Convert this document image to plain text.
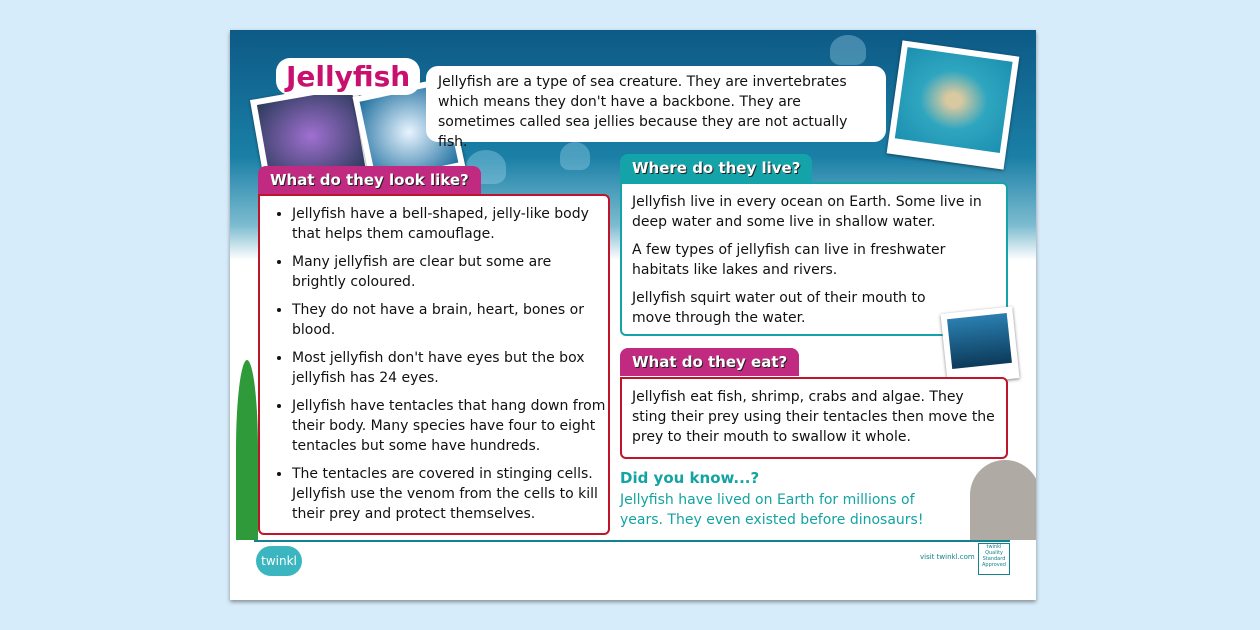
Jellyfish	Jellyfish are a type of sea creature. They are invertebrates which means they don't have a backbone. They are sometimes called sea jellies because they are not actually fish.
What do they look like?
• Jellyfish have a bell-shaped, jelly-like body that helps them camouflage.
• Many jellyfish are clear but some are brightly coloured.
• They do not have a brain, heart, bones or blood.
• Most jellyfish don't have eyes but the box jellyfish has 24 eyes.
• Jellyfish have tentacles that hang down from their body. Many species have four to eight tentacles but some have hundreds.
• The tentacles are covered in stinging cells. Jellyfish use the venom from the cells to kill their prey and protect themselves.
Where do they live?

Jellyfish live in every ocean on Earth. Some live in deep water and some live in shallow water.

A few types of jellyfish can live in freshwater habitats like lakes and rivers.

Jellyfish squirt water out of their mouth to move through the water.

What do they eat?

Jellyfish eat fish, shrimp, crabs and algae. They sting their prey using their tentacles then move the prey to their mouth to swallow it whole.

Did you know...?
Jellyfish have lived on Earth for millions of years. They even existed before dinosaurs!
twinkl	visit twinkl.com
twinkl Quality Standard Approved
